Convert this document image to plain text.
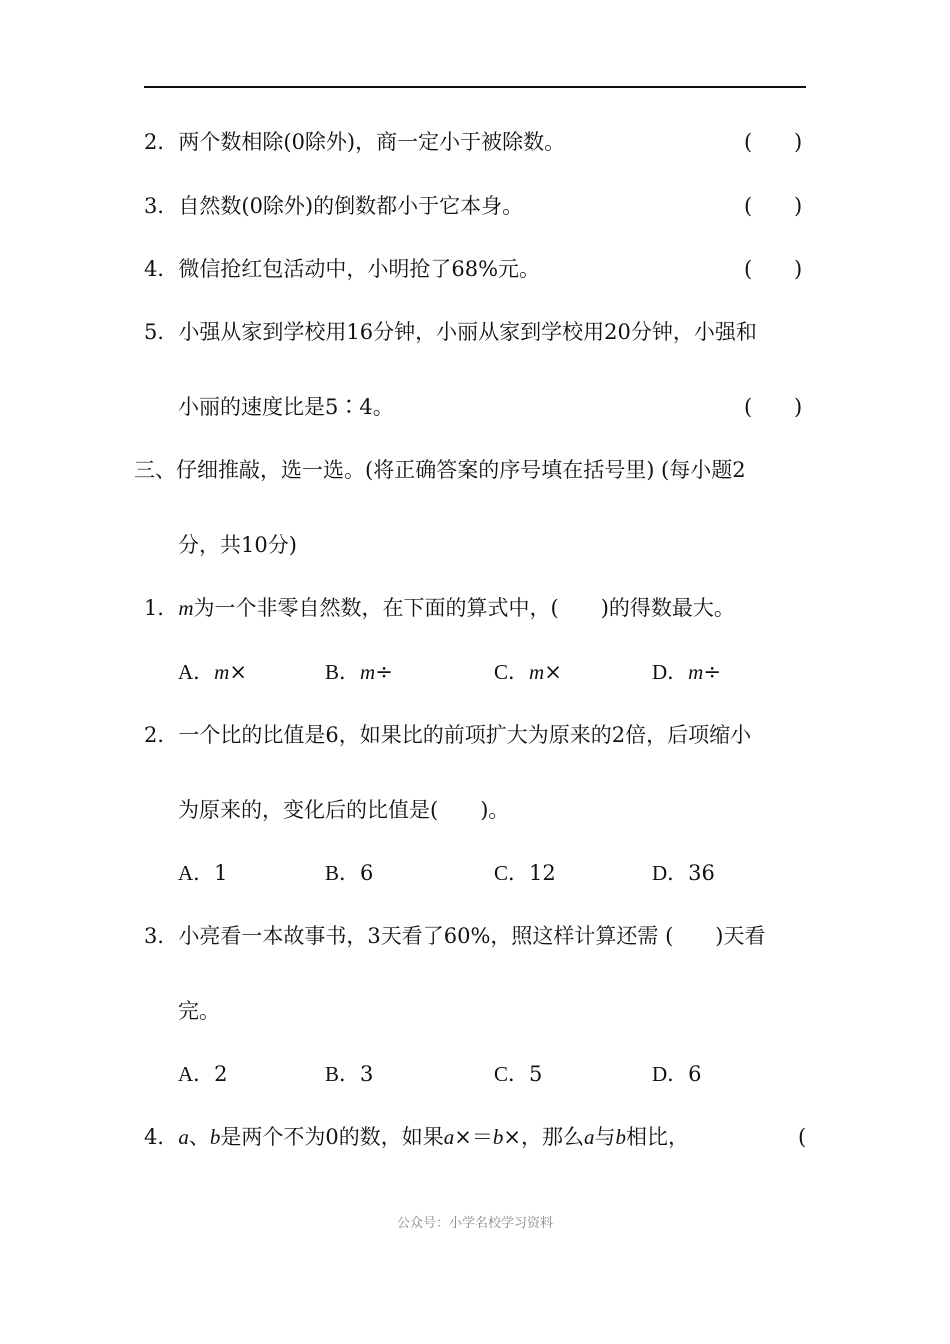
2．两个数相除(0除外)，商一定小于被除数。	( )
3．自然数(0除外)的倒数都小于它本身。	( )
4．微信抢红包活动中，小明抢了68%元。	( )
5．小强从家到学校用16分钟，小丽从家到学校用20分钟，小强和
小丽的速度比是5∶4。	( )
三、仔细推敲，选一选。(将正确答案的序号填在括号里) (每小题2
分，共10分)
1．m为一个非零自然数，在下面的算式中，(　　)的得数最大。
A．m×	B．m÷	C．m×	D．m÷
2．一个比的比值是6，如果比的前项扩大为原来的2倍，后项缩小
为原来的，变化后的比值是(　　)。
A．1	B．6	C．12	D．36
3．小亮看一本故事书，3天看了60%，照这样计算还需 (　　)天看
完。
A．2	B．3	C．5	D．6
4．a、b是两个不为0的数，如果a×＝b×，那么a与b相比，	(
公众号：小学名校学习资料
